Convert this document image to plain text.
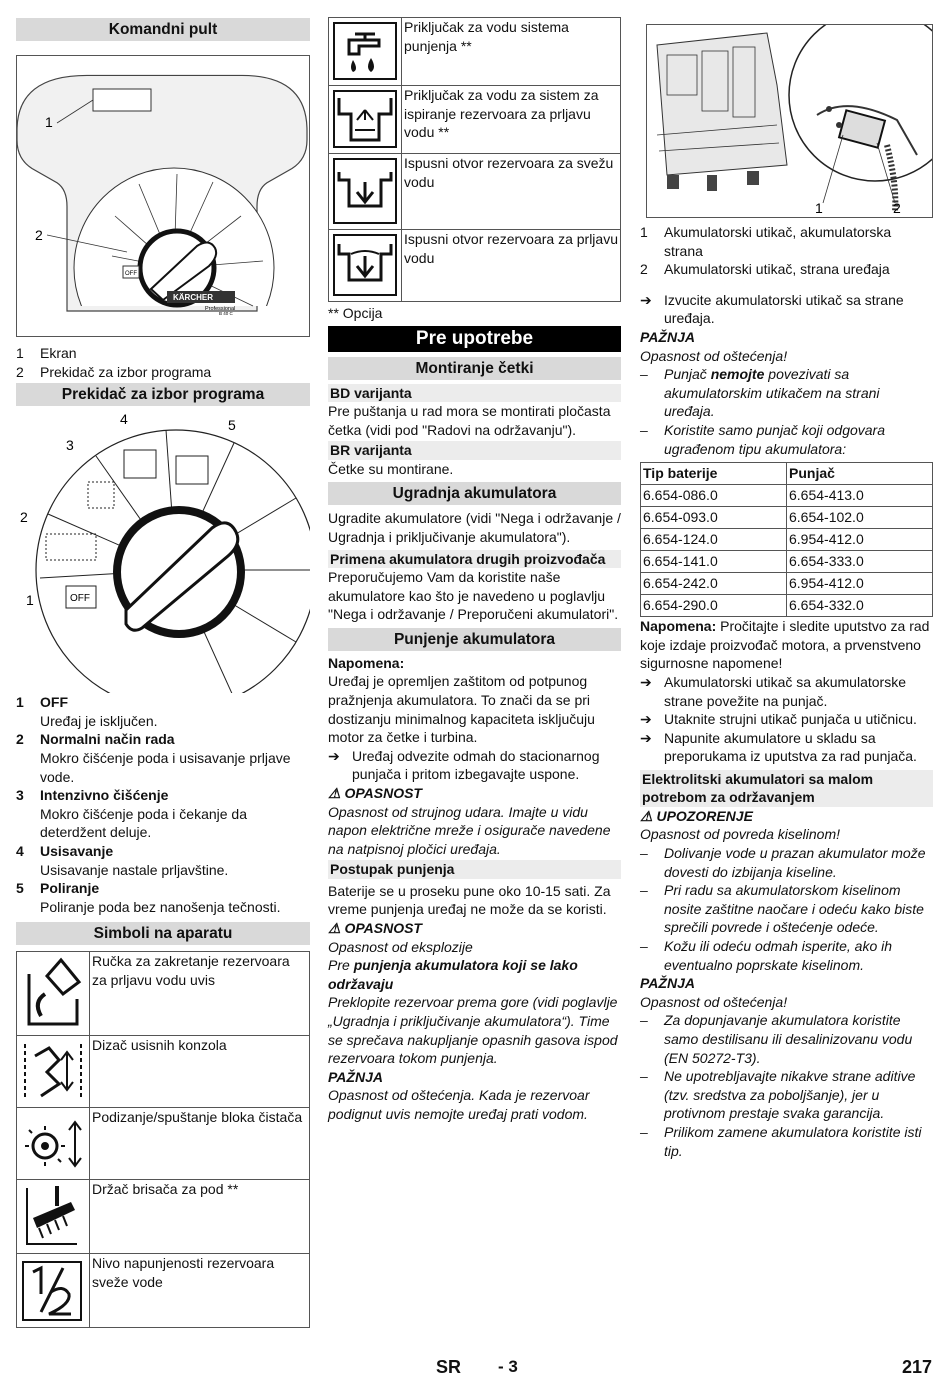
Komandni pult
OFF
KÄRCHER
Professional
B 40 C
1
2
1	Ekran
2	Prekidač za izbor programa
Prekidač za izbor programa
OFF
4	5
3
2
1
1	OFF
Uređaj je isključen.
2	Normalni način rada
Mokro čišćenje poda i usisavanje prljave vode.
3	Intenzivno čišćenje
Mokro čišćenje poda i čekanje da deterdžent deluje.
4	Usisavanje
Usisavanje nastale prljavštine.
5	Poliranje
Poliranje poda bez nanošenja tečnosti.
Simboli na aparatu
	Ručka za zakretanje rezervoara za prljavu vodu uvis

	Dizač usisnih konzola

	Podizanje/spuštanje bloka čistača

	Držač brisača za pod **

	Nivo napunjenosti rezervoara sveže vode
	Priključak za vodu sistema punjenja **

	Priključak za vodu za sistem za ispiranje rezervoara za prljavu vodu **

	Ispusni otvor rezervoara za svežu vodu

	Ispusni otvor rezervoara za prljavu vodu

** Opcija

Pre upotrebe
Montiranje četki
BD varijanta

Pre puštanja u rad mora se montirati pločasta četka (vidi pod "Radovi na održavanju").

BR varijanta

Četke su montirane.

Ugradnja akumulatora

Ugradite akumulatore (vidi "Nega i održavanje / Ugradnja i priključivanje akumulatora").

Primena akumulatora drugih proizvođača

Preporučujemo Vam da koristite naše akumulatore kao što je navedeno u poglavlju "Nega i održavanje / Preporučeni akumulatori".

Punjenje akumulatora

Napomena:

Uređaj je opremljen zaštitom od potpunog pražnjenja akumulatora. To znači da se pri dostizanju minimalnog kapaciteta isključuju motor za četke i turbina.

➔ Uređaj odvezite odmah do stacionarnog punjača i pritom izbegavajte uspone.

⚠ OPASNOST

Opasnost od strujnog udara. Imajte u vidu napon električne mreže i osigurače navedene na natpisnoj pločici uređaja.

Postupak punjenja

Baterije se u proseku pune oko 10-15 sati. Za vreme punjenja uređaj ne može da se koristi.

⚠ OPASNOST

Opasnost od eksplozije

Pre punjenja akumulatora koji se lako održavaju

Preklopite rezervoar prema gore (vidi poglavlje „Ugradnja i priključivanje akumulatora“). Time se sprečava nakupljanje opasnih gasova ispod rezervoara tokom punjenja.

PAŽNJA

Opasnost od oštećenja. Kada je rezervoar podignut uvis nemojte uređaj prati vodom.

1	2
1	Akumulatorski utikač, akumulatorska strana
2	Akumulatorski utikač, strana uređaja
➔ Izvucite akumulatorski utikač sa strane uređaja.

PAŽNJA

Opasnost od oštećenja!

–	Punjač nemojte povezivati sa akumulatorskim utikačem na strani uređaja.
–	Koristite samo punjač koji odgovara ugrađenom tipu akumulatora:
Tip baterije	Punjač
6.654-086.0	6.654-413.0
6.654-093.0	6.654-102.0
6.654-124.0	6.954-412.0
6.654-141.0	6.654-333.0
6.654-242.0	6.954-412.0
6.654-290.0	6.654-332.0

Napomena: Pročitajte i sledite uputstvo za rad koje izdaje proizvođač motora, a prvenstveno sigurnosne napomene!

➔ Akumulatorski utikač sa akumulatorske strane povežite na punjač.
➔ Utaknite strujni utikač punjača u utičnicu.
➔ Napunite akumulatore u skladu sa preporukama iz uputstva za rad punjača.
Elektrolitski akumulatori sa malom potrebom za održavanjem

⚠ UPOZORENJE

Opasnost od povreda kiselinom!

–	Dolivanje vode u prazan akumulator može dovesti do izbijanja kiseline.
–	Pri radu sa akumulatorskom kiselinom nosite zaštitne naočare i odeću kako biste sprečili povrede i oštećenje odeće.
–	Kožu ili odeću odmah isperite, ako ih eventualno poprskate kiselinom.

PAŽNJA

Opasnost od oštećenja!

–	Za dopunjavanje akumulatora koristite samo destilisanu ili desalinizovanu vodu (EN 50272-T3).
–	Ne upotrebljavajte nikakve strane aditive (tzv. sredstva za poboljšanje), jer u protivnom prestaje svaka garancija.
–	Prilikom zamene akumulatora koristite isti tip.
SR - 3	217
